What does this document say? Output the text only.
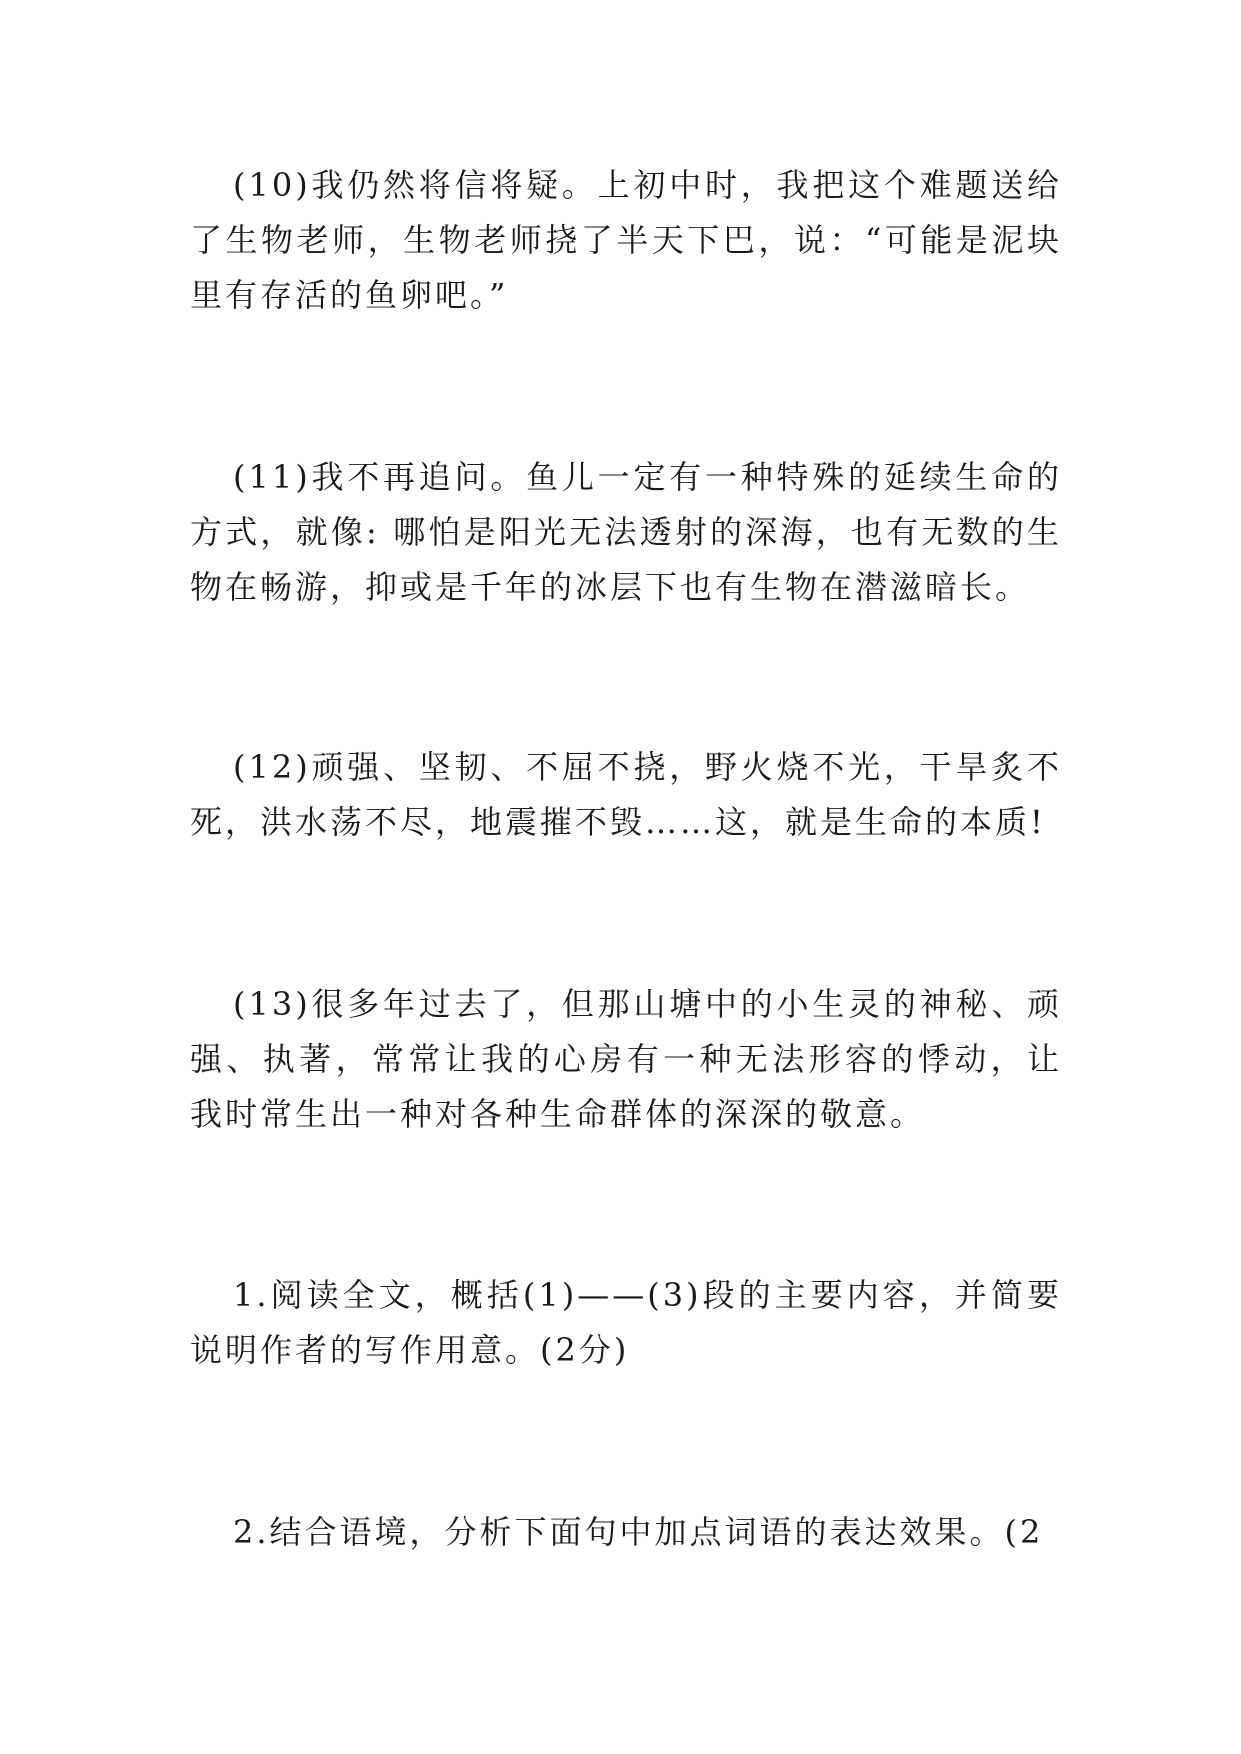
(10)我仍然将信将疑。上初中时，我把这个难题送给了生物老师，生物老师挠了半天下巴，说：“可能是泥块里有存活的鱼卵吧。”

(11)我不再追问。鱼儿一定有一种特殊的延续生命的方式，就像: 哪怕是阳光无法透射的深海，也有无数的生物在畅游，抑或是千年的冰层下也有生物在潜滋暗长。

(12)顽强、坚韧、不屈不挠，野火烧不光，干旱炙不死，洪水荡不尽，地震摧不毁……这，就是生命的本质!

(13)很多年过去了，但那山塘中的小生灵的神秘、顽强、执著，常常让我的心房有一种无法形容的悸动，让我时常生出一种对各种生命群体的深深的敬意。

1.阅读全文，概括(1)——(3)段的主要内容，并简要说明作者的写作用意。(2分)

2.结合语境，分析下面句中加点词语的表达效果。(2
